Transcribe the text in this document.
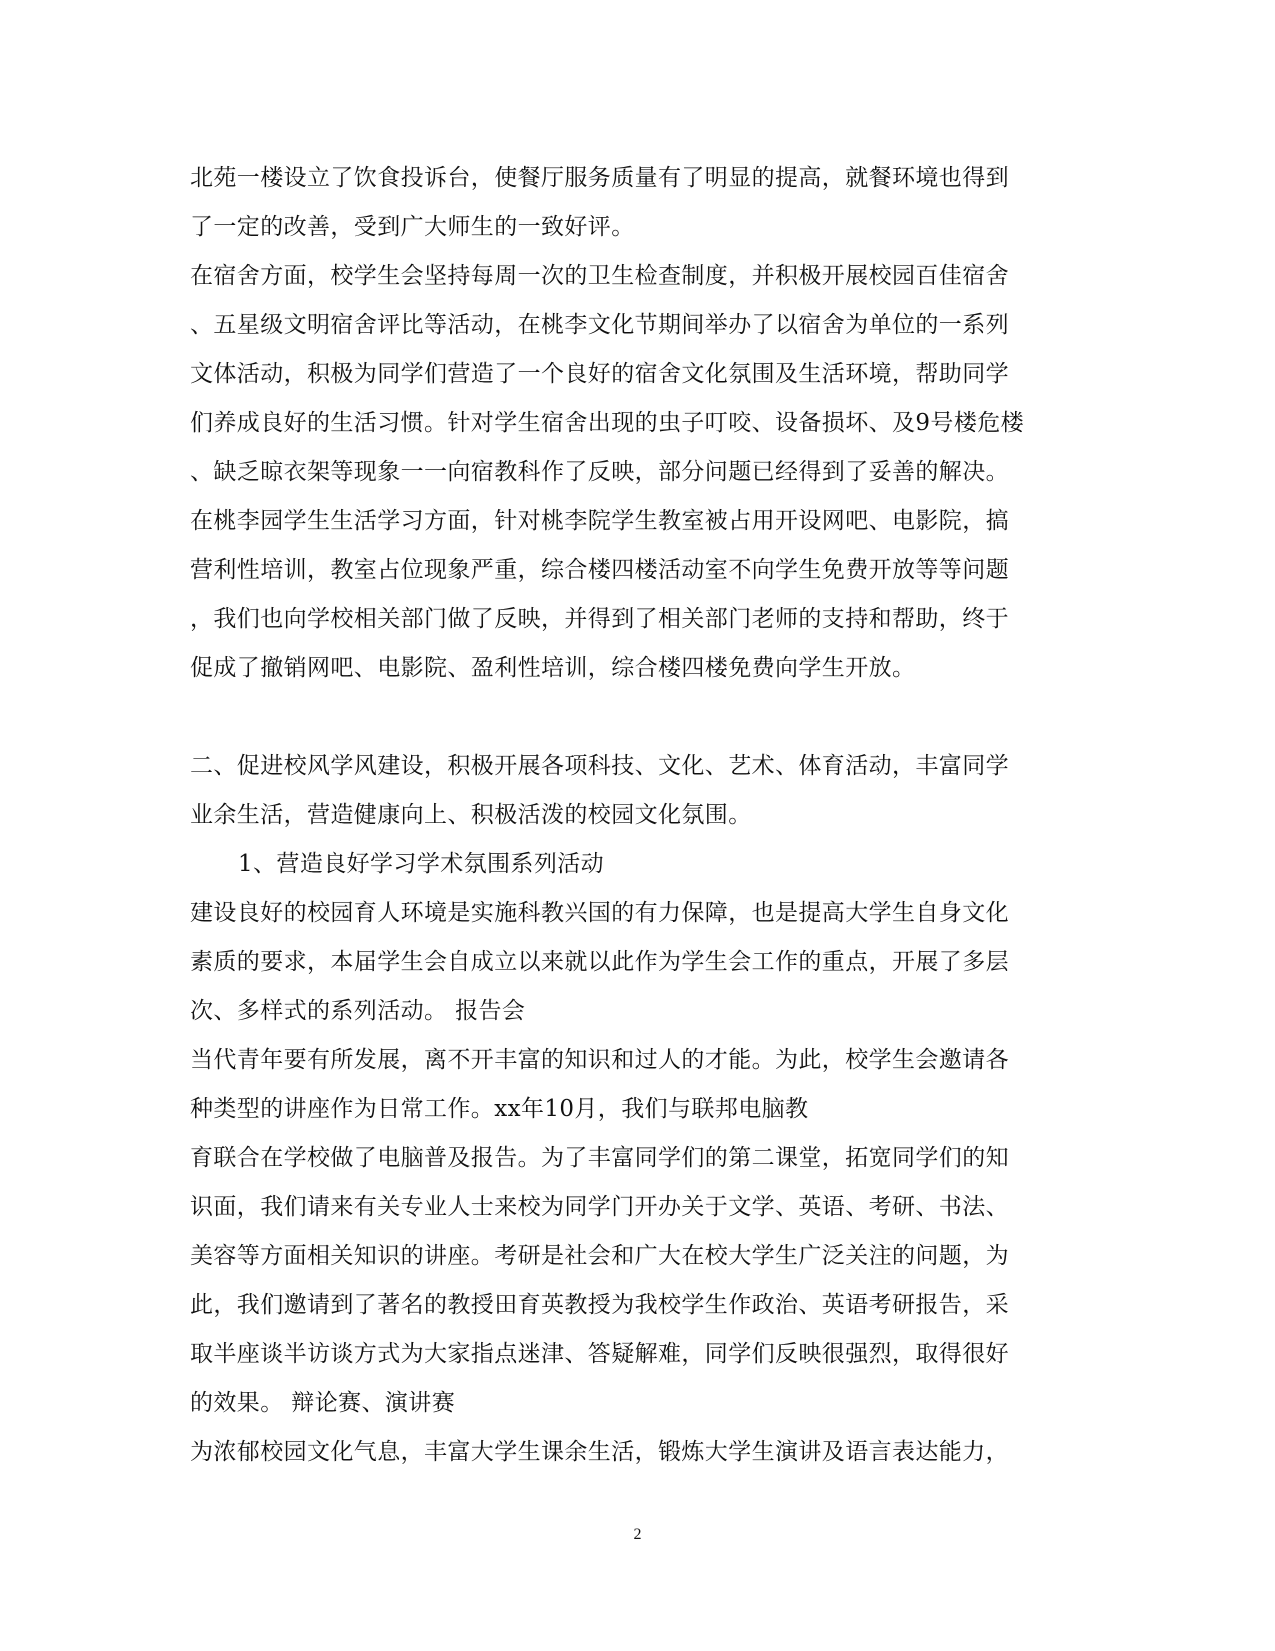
北苑一楼设立了饮食投诉台，使餐厅服务质量有了明显的提高，就餐环境也得到
了一定的改善，受到广大师生的一致好评。
在宿舍方面，校学生会坚持每周一次的卫生检查制度，并积极开展校园百佳宿舍
、五星级文明宿舍评比等活动，在桃李文化节期间举办了以宿舍为单位的一系列
文体活动，积极为同学们营造了一个良好的宿舍文化氛围及生活环境，帮助同学
们养成良好的生活习惯。针对学生宿舍出现的虫子叮咬、设备损坏、及9号楼危楼
、缺乏晾衣架等现象一一向宿教科作了反映，部分问题已经得到了妥善的解决。
在桃李园学生生活学习方面，针对桃李院学生教室被占用开设网吧、电影院，搞
营利性培训，教室占位现象严重，综合楼四楼活动室不向学生免费开放等等问题
，我们也向学校相关部门做了反映，并得到了相关部门老师的支持和帮助，终于
促成了撤销网吧、电影院、盈利性培训，综合楼四楼免费向学生开放。
二、促进校风学风建设，积极开展各项科技、文化、艺术、体育活动，丰富同学
业余生活，营造健康向上、积极活泼的校园文化氛围。
1、营造良好学习学术氛围系列活动
建设良好的校园育人环境是实施科教兴国的有力保障，也是提高大学生自身文化
素质的要求，本届学生会自成立以来就以此作为学生会工作的重点，开展了多层
次、多样式的系列活动。 报告会
当代青年要有所发展，离不开丰富的知识和过人的才能。为此，校学生会邀请各
种类型的讲座作为日常工作。xx年10月，我们与联邦电脑教
育联合在学校做了电脑普及报告。为了丰富同学们的第二课堂，拓宽同学们的知
识面，我们请来有关专业人士来校为同学门开办关于文学、英语、考研、书法、
美容等方面相关知识的讲座。考研是社会和广大在校大学生广泛关注的问题，为
此，我们邀请到了著名的教授田育英教授为我校学生作政治、英语考研报告，采
取半座谈半访谈方式为大家指点迷津、答疑解难，同学们反映很强烈，取得很好
的效果。 辩论赛、演讲赛
为浓郁校园文化气息，丰富大学生课余生活，锻炼大学生演讲及语言表达能力，
2
